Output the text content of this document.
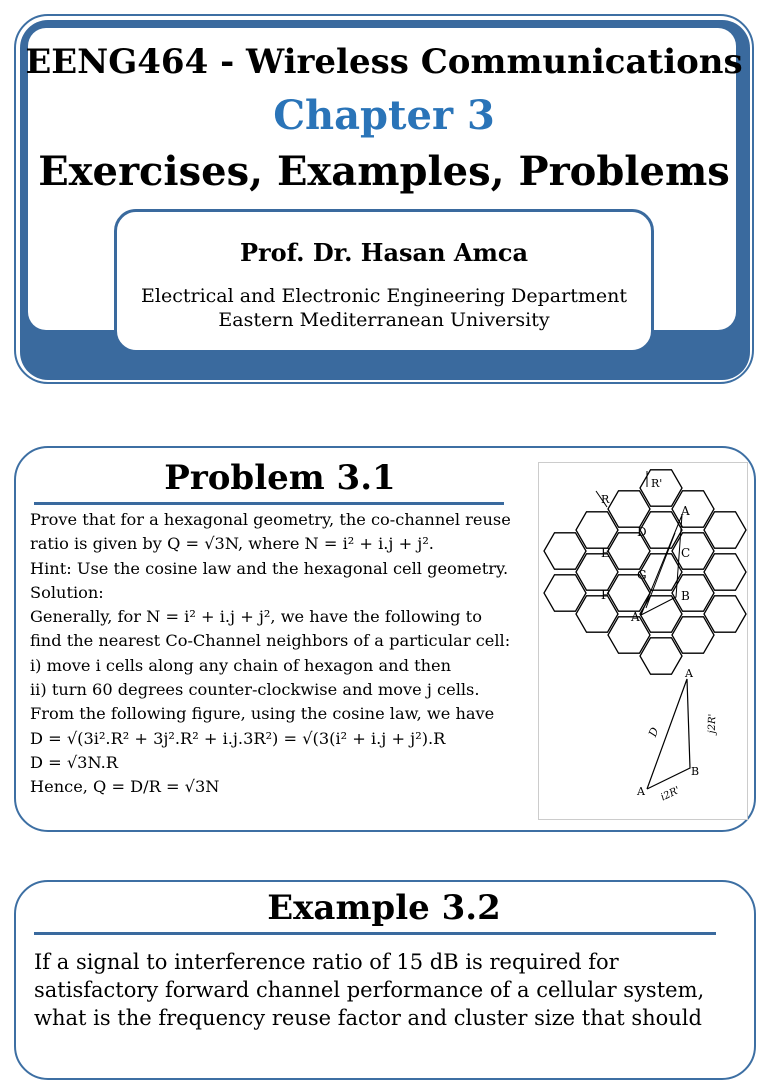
EENG464 - Wireless Communications
Chapter 3
Exercises, Examples, Problems
Prof. Dr. Hasan Amca
Electrical and Electronic Engineering Department
Eastern Mediterranean University
Problem 3.1
Prove that for a hexagonal geometry, the co-channel reuse
ratio is given by Q = √3N, where N = i² + i.j + j².
Hint: Use the cosine law and the hexagonal cell geometry.
Solution:
Generally, for N = i² + i.j + j², we have the following to
find the nearest Co-Channel neighbors of a particular cell:
i) move i cells along any chain of hexagon and then
ii) turn 60 degrees counter-clockwise and move j cells.
From the following figure, using the cosine law, we have
D = √(3i².R² + 3j².R² + i.j.3R²) = √(3(i² + i.j + j²).R
D = √3N.R
Hence, Q = D/R = √3N
R
R'
D
E	C
G
F	B
A
A
A
A
B
D	j2R'
i2R'
Example 3.2
If a signal to interference ratio of 15 dB is required for
satisfactory forward channel performance of a cellular system,
what is the frequency reuse factor and cluster size that should
